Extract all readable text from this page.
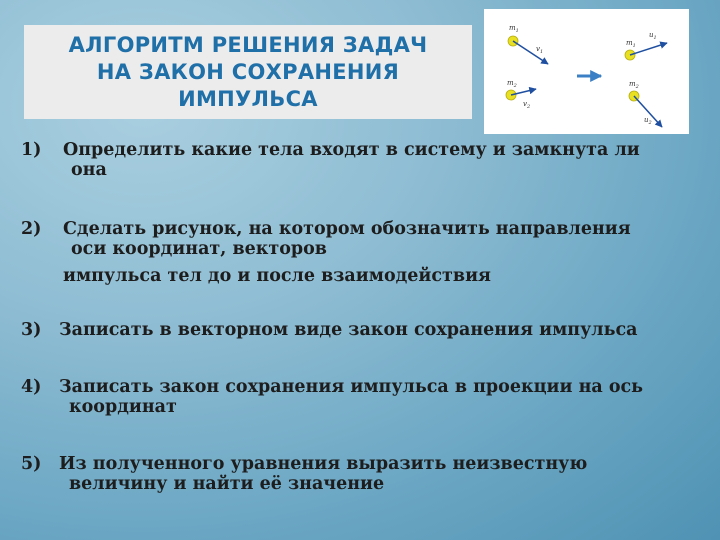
АЛГОРИТМ РЕШЕНИЯ ЗАДАЧ
НА ЗАКОН СОХРАНЕНИЯ
ИМПУЛЬСА
$m_1$
$v_1$
$m_2$
$v_2$
$m_1$
$u_1$
$m_2$
$u_2$
1)	Определить какие тела входят в систему и замкнута ли
она
2)	Сделать рисунок, на котором обозначить направления
оси координат, векторов
импульса тел до и после взаимодействия
3)	Записать в векторном виде закон сохранения импульса
4)	Записать закон сохранения импульса в проекции на ось
координат
5)	Из полученного уравнения выразить неизвестную
величину и найти её значение
